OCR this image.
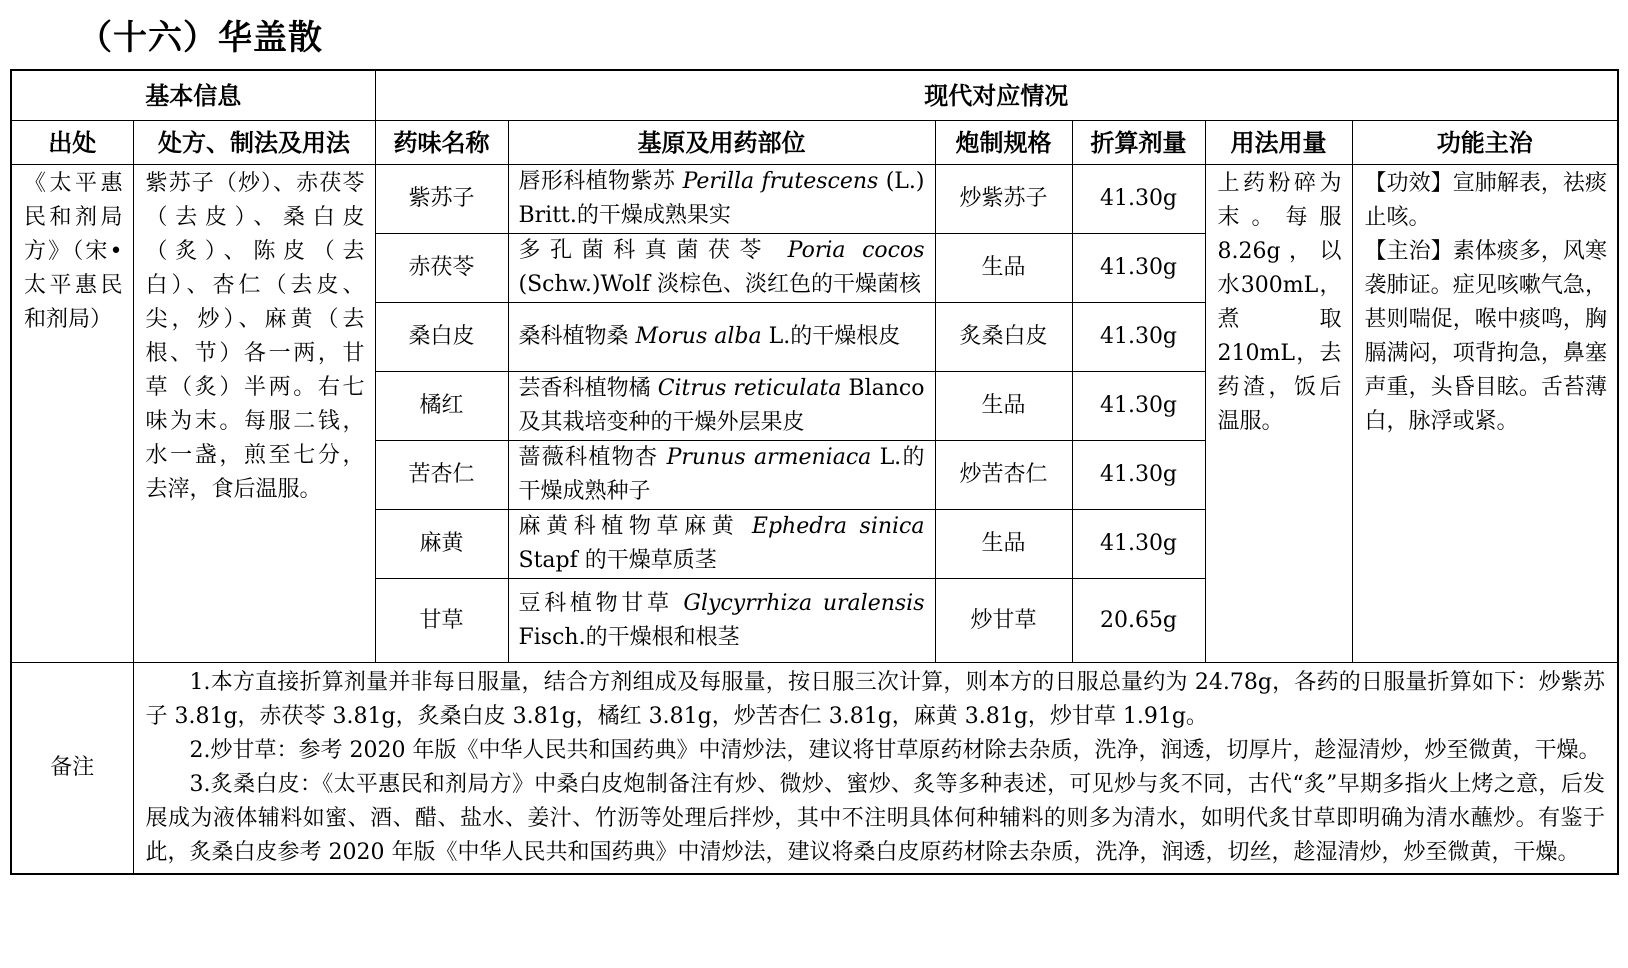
（十六）华盖散
基本信息		现代对应情况					
出处	处方、制法及用法	药味名称	基原及用药部位	炮制规格	折算剂量	用法用量	功能主治
《太平惠民和剂局方》（宋•太平惠民和剂局）	紫苏子（炒）、赤茯苓（去皮）、桑白皮（炙）、陈皮（去白）、杏仁（去皮、尖，炒）、麻黄（去根、节）各一两，甘草（炙）半两。右七味为末。每服二钱，水一盏，煎至七分，去滓，食后温服。	紫苏子	唇形科植物紫苏 Perilla frutescens (L.) Britt.的干燥成熟果实	炒紫苏子	41.30g	上药粉碎为末。每服8.26g，以水300mL，煮取210mL，去药渣，饭后温服。	【功效】宣肺解表，祛痰止咳。
【主治】素体痰多，风寒袭肺证。症见咳嗽气急，甚则喘促，喉中痰鸣，胸膈满闷，项背拘急，鼻塞声重，头昏目眩。舌苔薄白，脉浮或紧。

		赤茯苓	多孔菌科真菌茯苓 Poria cocos (Schw.)Wolf 淡棕色、淡红色的干燥菌核	生品	41.30g		
		桑白皮	桑科植物桑 Morus alba L.的干燥根皮	炙桑白皮	41.30g		
		橘红	芸香科植物橘 Citrus reticulata Blanco 及其栽培变种的干燥外层果皮	生品	41.30g		
		苦杏仁	蔷薇科植物杏 Prunus armeniaca L.的干燥成熟种子	炒苦杏仁	41.30g		
		麻黄	麻黄科植物草麻黄 Ephedra sinica Stapf 的干燥草质茎	生品	41.30g		
		甘草	豆科植物甘草 Glycyrrhiza uralensis Fisch.的干燥根和根茎	炒甘草	20.65g		
备注	1.本方直接折算剂量并非每日服量，结合方剂组成及每服量，按日服三次计算，则本方的日服总量约为 24.78g，各药的日服量折算如下：炒紫苏子 3.81g，赤茯苓 3.81g，炙桑白皮 3.81g，橘红 3.81g，炒苦杏仁 3.81g，麻黄 3.81g，炒甘草 1.91g。

2.炒甘草：参考 2020 年版《中华人民共和国药典》中清炒法，建议将甘草原药材除去杂质，洗净，润透，切厚片，趁湿清炒，炒至微黄，干燥。

3.炙桑白皮：《太平惠民和剂局方》中桑白皮炮制备注有炒、微炒、蜜炒、炙等多种表述，可见炒与炙不同，古代“炙”早期多指火上烤之意，后发展成为液体辅料如蜜、酒、醋、盐水、姜汁、竹沥等处理后拌炒，其中不注明具体何种辅料的则多为清水，如明代炙甘草即明确为清水蘸炒。有鉴于此，炙桑白皮参考 2020 年版《中华人民共和国药典》中清炒法，建议将桑白皮原药材除去杂质，洗净，润透，切丝，趁湿清炒，炒至微黄，干燥。						
